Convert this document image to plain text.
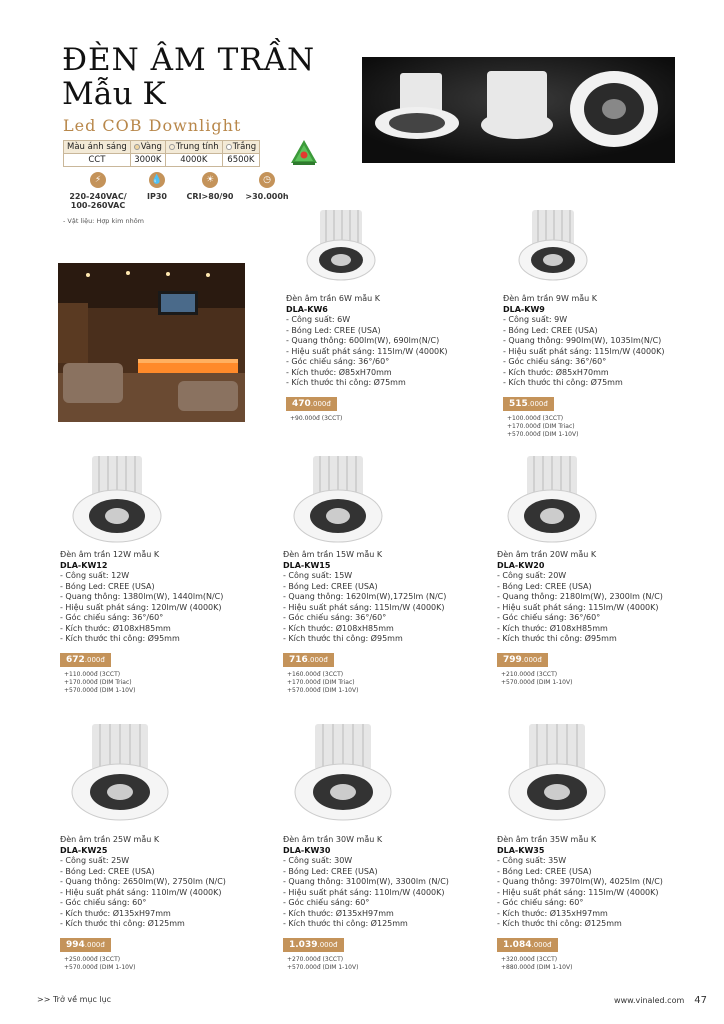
ĐÈN ÂM TRẦN
Mẫu K
Led COB Downlight
Màu ánh sáng	Vàng	Trung tính	Trắng
CCT	3000K	4000K	6500K
⚡
220-240VAC/
100-260VAC
💧
IP30
☀
CRI>80/90
◷
>30.000h
- Vật liệu: Hợp kim nhôm
Đèn âm trần 6W mẫu K
DLA-KW6
- Công suất: 6W
- Bóng Led: CREE (USA)
- Quang thông: 600lm(W), 690lm(N/C)
- Hiệu suất phát sáng: 115lm/W (4000K)
- Góc chiếu sáng: 36°/60°
- Kích thước: Ø85xH70mm
- Kích thước thi công: Ø75mm
470.000đ
+90.000đ (3CCT)
Đèn âm trần 9W mẫu K
DLA-KW9
- Công suất: 9W
- Bóng Led: CREE (USA)
- Quang thông: 990lm(W), 1035lm(N/C)
- Hiệu suất phát sáng: 115lm/W (4000K)
- Góc chiếu sáng: 36°/60°
- Kích thước: Ø85xH70mm
- Kích thước thi công: Ø75mm
515.000đ
+100.000đ (3CCT)
+170.000đ (DIM Triac)
+570.000đ (DIM 1-10V)
Đèn âm trần 12W mẫu K
DLA-KW12
- Công suất: 12W
- Bóng Led: CREE (USA)
- Quang thông: 1380lm(W), 1440lm(N/C)
- Hiệu suất phát sáng: 120lm/W (4000K)
- Góc chiếu sáng: 36°/60°
- Kích thước: Ø108xH85mm
- Kích thước thi công: Ø95mm
672.000đ
+110.000đ (3CCT)
+170.000đ (DIM Triac)
+570.000đ (DIM 1-10V)
Đèn âm trần 15W mẫu K
DLA-KW15
- Công suất: 15W
- Bóng Led: CREE (USA)
- Quang thông: 1620lm(W),1725lm (N/C)
- Hiệu suất phát sáng: 115lm/W (4000K)
- Góc chiếu sáng: 36°/60°
- Kích thước: Ø108xH85mm
- Kích thước thi công: Ø95mm
716.000đ
+160.000đ (3CCT)
+170.000đ (DIM Triac)
+570.000đ (DIM 1-10V)
Đèn âm trần 20W mẫu K
DLA-KW20
- Công suất: 20W
- Bóng Led: CREE (USA)
- Quang thông: 2180lm(W), 2300lm (N/C)
- Hiệu suất phát sáng: 115lm/W (4000K)
- Góc chiếu sáng: 36°/60°
- Kích thước: Ø108xH85mm
- Kích thước thi công: Ø95mm
799.000đ
+210.000đ (3CCT)
+570.000đ (DIM 1-10V)
Đèn âm trần 25W mẫu K
DLA-KW25
- Công suất: 25W
- Bóng Led: CREE (USA)
- Quang thông: 2650lm(W), 2750lm (N/C)
- Hiệu suất phát sáng: 110lm/W (4000K)
- Góc chiếu sáng: 60°
- Kích thước: Ø135xH97mm
- Kích thước thi công: Ø125mm
994.000đ
+250.000đ (3CCT)
+570.000đ (DIM 1-10V)
Đèn âm trần 30W mẫu K
DLA-KW30
- Công suất: 30W
- Bóng Led: CREE (USA)
- Quang thông: 3100lm(W), 3300lm (N/C)
- Hiệu suất phát sáng: 110lm/W (4000K)
- Góc chiếu sáng: 60°
- Kích thước: Ø135xH97mm
- Kích thước thi công: Ø125mm
1.039.000đ
+270.000đ (3CCT)
+570.000đ (DIM 1-10V)
Đèn âm trần 35W mẫu K
DLA-KW35
- Công suất: 35W
- Bóng Led: CREE (USA)
- Quang thông: 3970lm(W), 4025lm (N/C)
- Hiệu suất phát sáng: 115lm/W (4000K)
- Góc chiếu sáng: 60°
- Kích thước: Ø135xH97mm
- Kích thước thi công: Ø125mm
1.084.000đ
+320.000đ (3CCT)
+880.000đ (DIM 1-10V)
>> Trở về mục lục	www.vinaled.com 47
